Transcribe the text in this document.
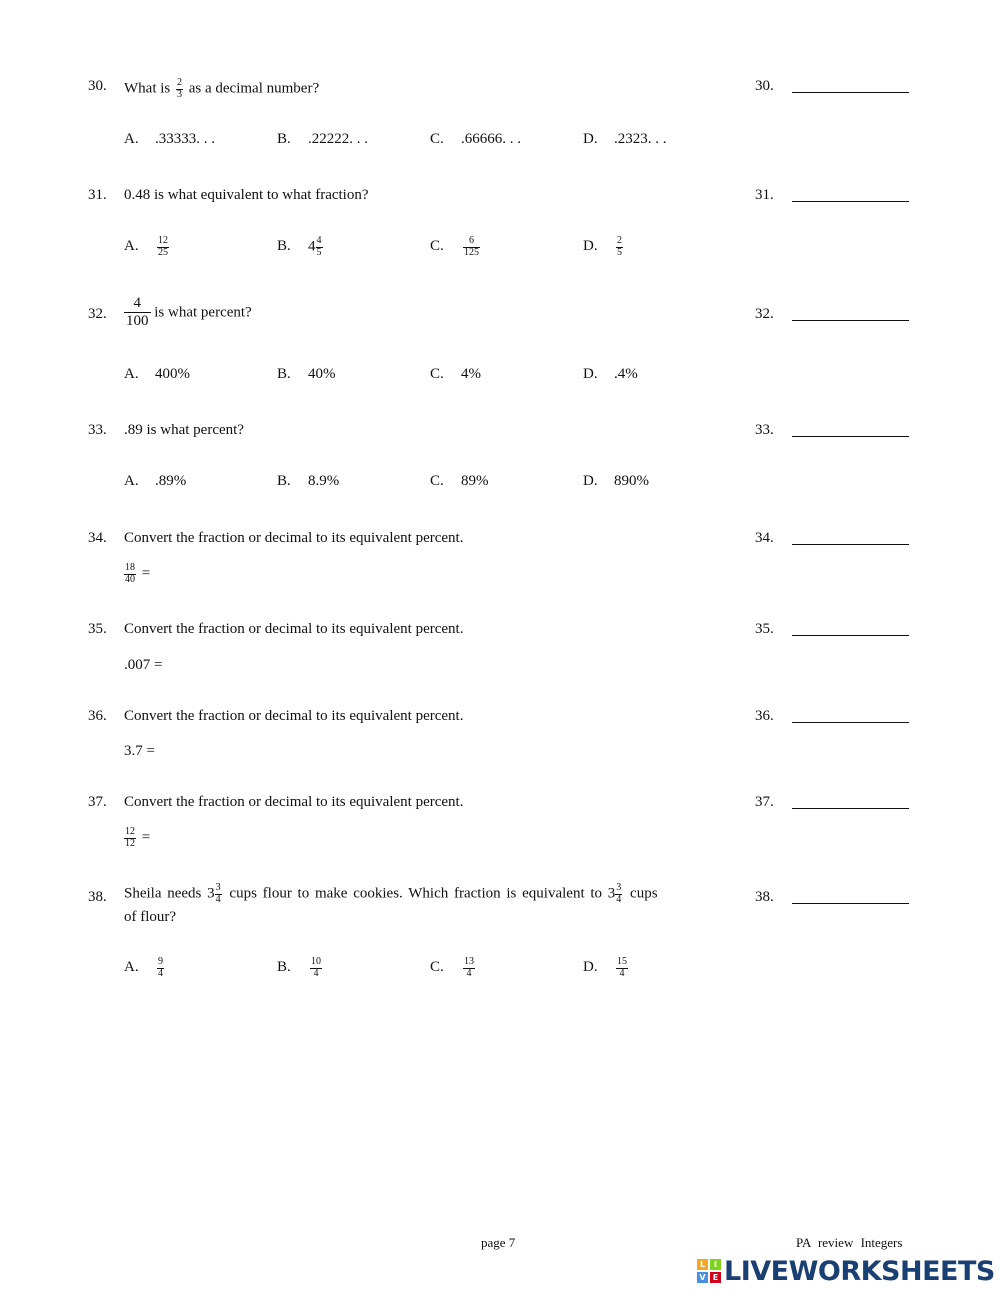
30. What is $\frac{2}{3}$ as a decimal number?	30.
A. .33333. . .	B. .22222. . .	C. .66666. . .	D. .2323. . .
31. 0.48 is what equivalent to what fraction?	31.
A. $\frac{12}{25}$	B. $4 \frac{4}{5}$	C. $\frac{6}{125}$	D. $\frac{2}{5}$
32. $\frac{4}{100}$ is what percent?	32.
A. 400%	B. 40%	C. 4%	D. .4%
33. .89 is what percent?	33.
A. .89%	B. 8.9%	C. 89%	D. 890%
34. Convert the fraction or decimal to its equivalent percent.	34.
$\frac{18}{40}$ =
35. Convert the fraction or decimal to its equivalent percent.	35.
.007 =
36. Convert the fraction or decimal to its equivalent percent.	36.
3.7 =
37. Convert the fraction or decimal to its equivalent percent.	37.
$\frac{12}{12}$ =
38. Sheila needs $3 \frac{3}{4}$ cups flour to make cookies. Which fraction is equivalent to $3 \frac{3}{4}$ cups
of flour?
38.
A. $\frac{9}{4}$	B. $\frac{10}{4}$	C. $\frac{13}{4}$	D. $\frac{15}{4}$
page 7	PA review Integers
L	I
V E LIVEWORKSHEETS
